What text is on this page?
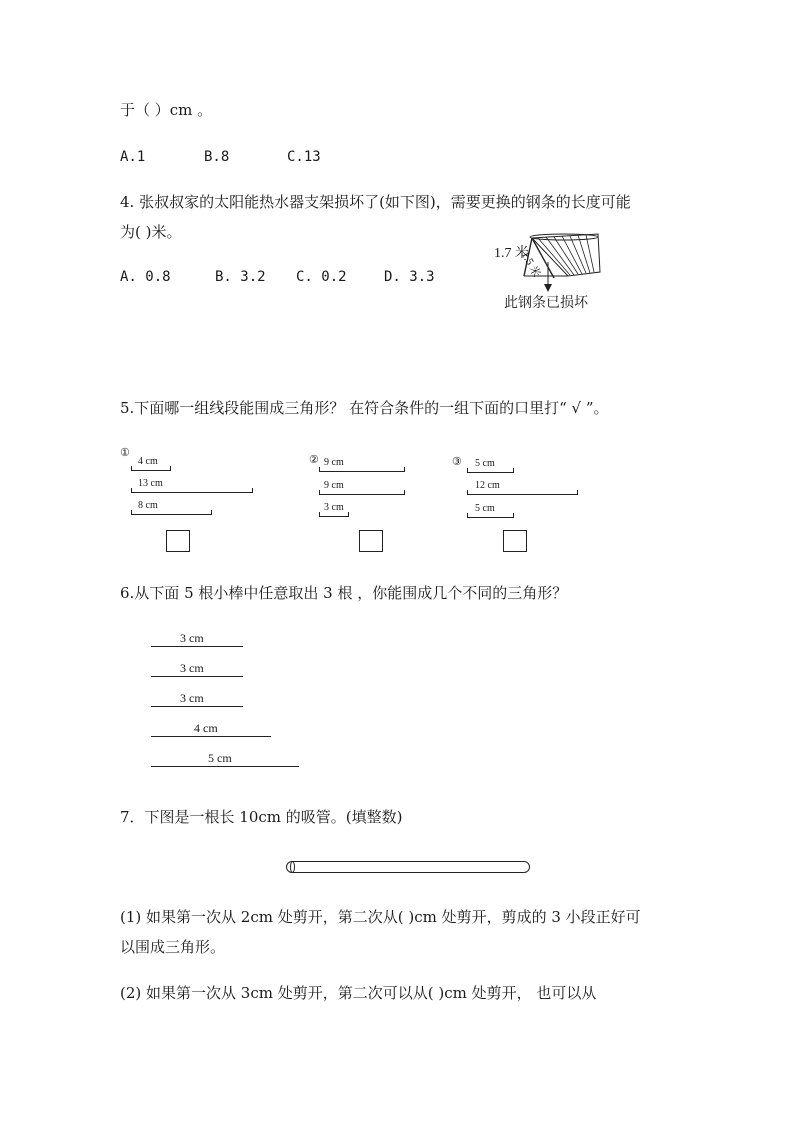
于（ ）cm 。
A.1	B.8	C.13
4. 张叔叔家的太阳能热水器支架损坏了(如下图)，需要更换的钢条的长度可能
为( )米。
A. 0.8	B. 3.2 C. 0.2	D. 3.3
1.7 米
1.5 米
此钢条已损坏
5.下面哪一组线段能围成三角形？ 在符合条件的一组下面的口里打“ √ ”。
①
4 cm
13 cm
8 cm
② 9 cm
9 cm
3 cm
③ 5 cm
12 cm
5 cm
6.从下面 5 根小棒中任意取出 3 根 ，你能围成几个不同的三角形？
3 cm
3 cm
3 cm
4 cm
5 cm
7．下图是一根长 10cm 的吸管。(填整数)
(1) 如果第一次从 2cm 处剪开，第二次从( )cm 处剪开，剪成的 3 小段正好可
以围成三角形。
(2) 如果第一次从 3cm 处剪开，第二次可以从( )cm 处剪开， 也可以从
